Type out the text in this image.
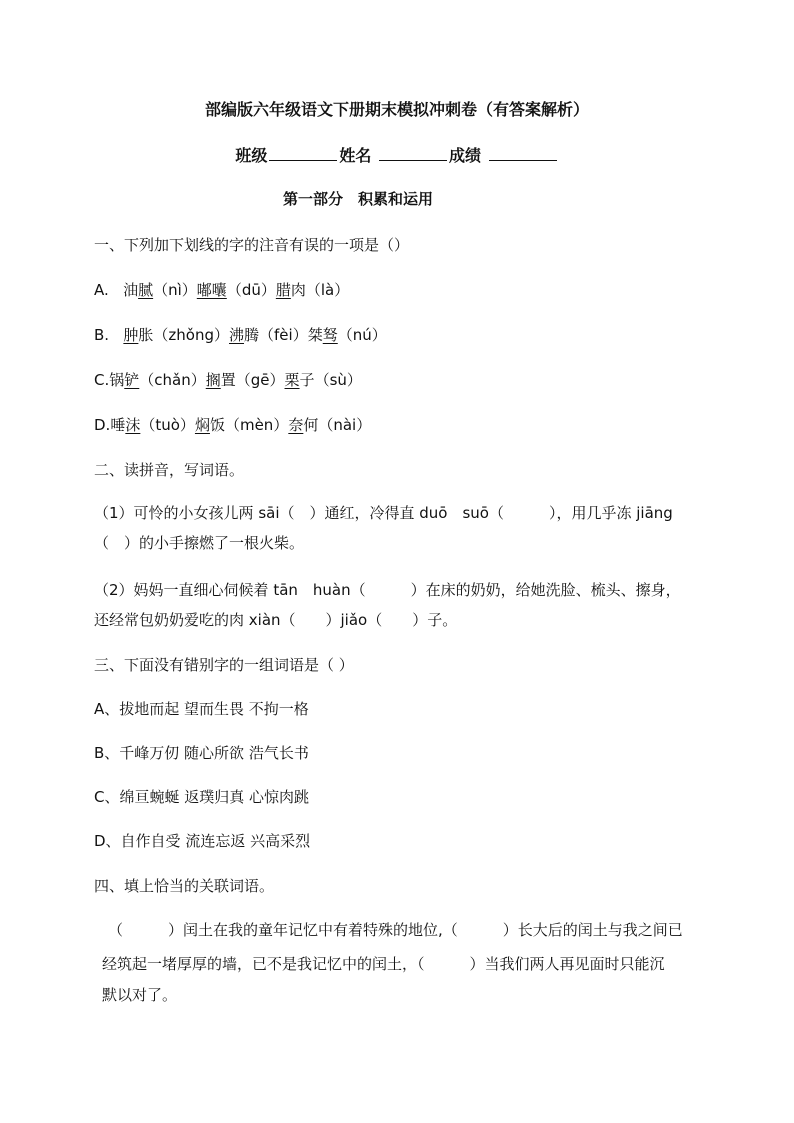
部编版六年级语文下册期末模拟冲刺卷（有答案解析）
班级	姓名	成绩
第一部分　积累和运用
一、下列加下划线的字的注音有误的一项是（）
A. 油腻（nì）嘟囔（dū）腊肉（là）
B. 肿胀（zhǒng）沸腾（fèi）桀驽（nú）
C.锅铲（chǎn）搁置（gē）栗子（sù）
D.唾沫（tuò）焖饭（mèn）奈何（nài）
二、读拼音，写词语。
（1）可怜的小女孩儿两 sāi（　）通红，冷得直 duō　suō（　　　），用几乎冻 jiāng
（　）的小手擦燃了一根火柴。
（2）妈妈一直细心伺候着 tān　huàn（　　　）在床的奶奶，给她洗脸、梳头、擦身，
还经常包奶奶爱吃的肉 xiàn（　　）jiǎo（　　）子。
三、下面没有错别字的一组词语是（ ）
A、拔地而起 望而生畏 不拘一格
B、千峰万仞 随心所欲 浩气长书
C、绵亘蜿蜒 返璞归真 心惊肉跳
D、自作自受 流连忘返 兴高采烈
四、填上恰当的关联词语。
（　　　）闰土在我的童年记忆中有着特殊的地位,（　　　）长大后的闰土与我之间已
经筑起一堵厚厚的墙，已不是我记忆中的闰土，（　　　）当我们两人再见面时只能沉
默以对了。
